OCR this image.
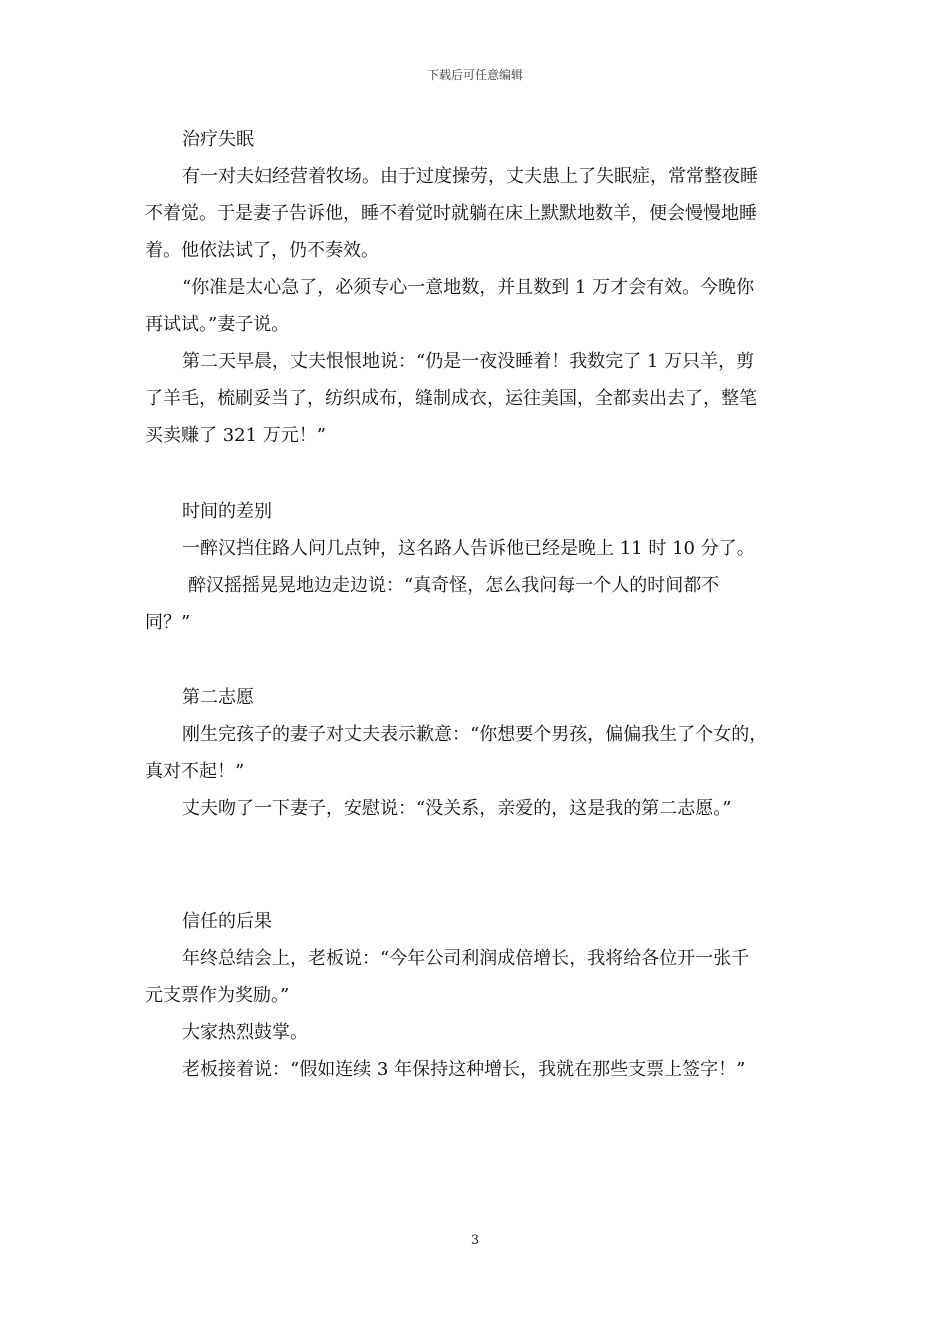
下载后可任意编辑
治疗失眠
有一对夫妇经营着牧场。由于过度操劳，丈夫患上了失眠症，常常整夜睡
不着觉。于是妻子告诉他，睡不着觉时就躺在床上默默地数羊，便会慢慢地睡
着。他依法试了，仍不奏效。
“你准是太心急了，必须专心一意地数，并且数到 1 万才会有效。今晚你
再试试。”妻子说。
第二天早晨，丈夫恨恨地说：“仍是一夜没睡着！我数完了 1 万只羊，剪
了羊毛，梳刷妥当了，纺织成布，缝制成衣，运往美国，全都卖出去了，整笔
买卖赚了 321 万元！”
时间的差别
一醉汉挡住路人问几点钟，这名路人告诉他已经是晚上 11 时 10 分了。
醉汉摇摇晃晃地边走边说：“真奇怪，怎么我问每一个人的时间都不
同？”
第二志愿
刚生完孩子的妻子对丈夫表示歉意：“你想要个男孩，偏偏我生了个女的，
真对不起！”
丈夫吻了一下妻子，安慰说：“没关系，亲爱的，这是我的第二志愿。”
信任的后果
年终总结会上，老板说：“今年公司利润成倍增长，我将给各位开一张千
元支票作为奖励。”
大家热烈鼓掌。
老板接着说：“假如连续 3 年保持这种增长，我就在那些支票上签字！”
3
